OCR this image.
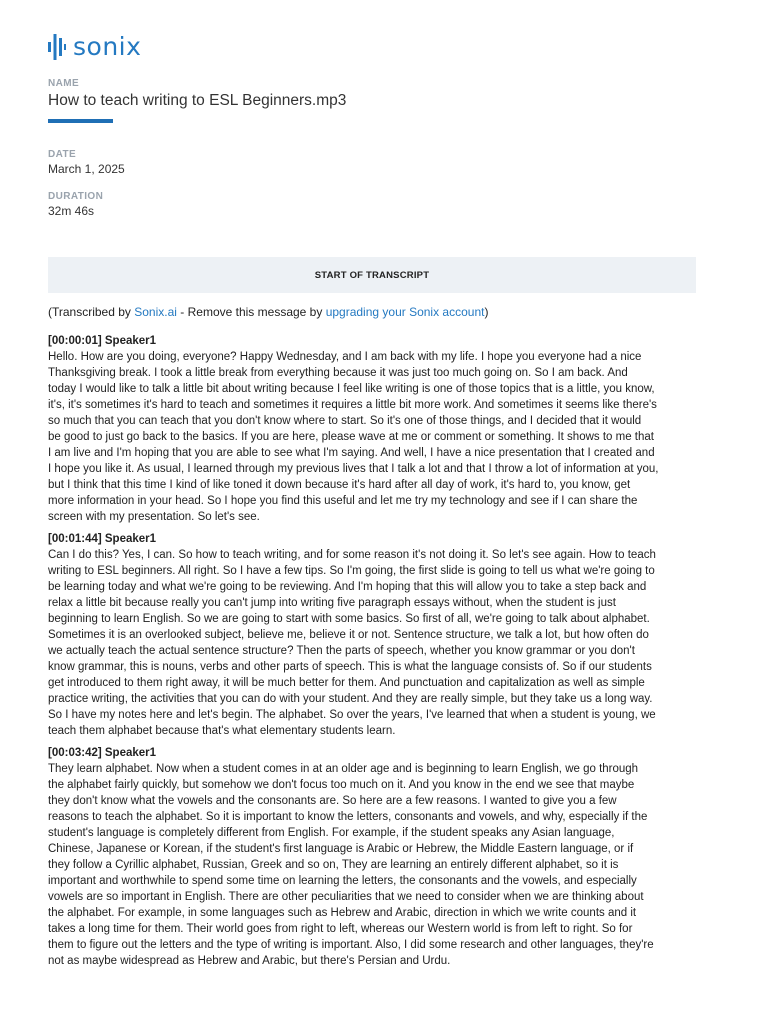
sonix
NAME
How to teach writing to ESL Beginners.mp3
DATE
March 1, 2025
DURATION
32m 46s
START OF TRANSCRIPT
(Transcribed by Sonix.ai - Remove this message by upgrading your Sonix account)
[00:00:01] Speaker1
Hello. How are you doing, everyone? Happy Wednesday, and I am back with my life. I hope you everyone had a nice
Thanksgiving break. I took a little break from everything because it was just too much going on. So I am back. And
today I would like to talk a little bit about writing because I feel like writing is one of those topics that is a little, you know,
it's, it's sometimes it's hard to teach and sometimes it requires a little bit more work. And sometimes it seems like there's
so much that you can teach that you don't know where to start. So it's one of those things, and I decided that it would
be good to just go back to the basics. If you are here, please wave at me or comment or something. It shows to me that
I am live and I'm hoping that you are able to see what I'm saying. And well, I have a nice presentation that I created and
I hope you like it. As usual, I learned through my previous lives that I talk a lot and that I throw a lot of information at you,
but I think that this time I kind of like toned it down because it's hard after all day of work, it's hard to, you know, get
more information in your head. So I hope you find this useful and let me try my technology and see if I can share the
screen with my presentation. So let's see.
[00:01:44] Speaker1
Can I do this? Yes, I can. So how to teach writing, and for some reason it's not doing it. So let's see again. How to teach
writing to ESL beginners. All right. So I have a few tips. So I'm going, the first slide is going to tell us what we're going to
be learning today and what we're going to be reviewing. And I'm hoping that this will allow you to take a step back and
relax a little bit because really you can't jump into writing five paragraph essays without, when the student is just
beginning to learn English. So we are going to start with some basics. So first of all, we're going to talk about alphabet.
Sometimes it is an overlooked subject, believe me, believe it or not. Sentence structure, we talk a lot, but how often do
we actually teach the actual sentence structure? Then the parts of speech, whether you know grammar or you don't
know grammar, this is nouns, verbs and other parts of speech. This is what the language consists of. So if our students
get introduced to them right away, it will be much better for them. And punctuation and capitalization as well as simple
practice writing, the activities that you can do with your student. And they are really simple, but they take us a long way.
So I have my notes here and let's begin. The alphabet. So over the years, I've learned that when a student is young, we
teach them alphabet because that's what elementary students learn.
[00:03:42] Speaker1
They learn alphabet. Now when a student comes in at an older age and is beginning to learn English, we go through
the alphabet fairly quickly, but somehow we don't focus too much on it. And you know in the end we see that maybe
they don't know what the vowels and the consonants are. So here are a few reasons. I wanted to give you a few
reasons to teach the alphabet. So it is important to know the letters, consonants and vowels, and why, especially if the
student's language is completely different from English. For example, if the student speaks any Asian language,
Chinese, Japanese or Korean, if the student's first language is Arabic or Hebrew, the Middle Eastern language, or if
they follow a Cyrillic alphabet, Russian, Greek and so on, They are learning an entirely different alphabet, so it is
important and worthwhile to spend some time on learning the letters, the consonants and the vowels, and especially
vowels are so important in English. There are other peculiarities that we need to consider when we are thinking about
the alphabet. For example, in some languages such as Hebrew and Arabic, direction in which we write counts and it
takes a long time for them. Their world goes from right to left, whereas our Western world is from left to right. So for
them to figure out the letters and the type of writing is important. Also, I did some research and other languages, they're
not as maybe widespread as Hebrew and Arabic, but there's Persian and Urdu.
